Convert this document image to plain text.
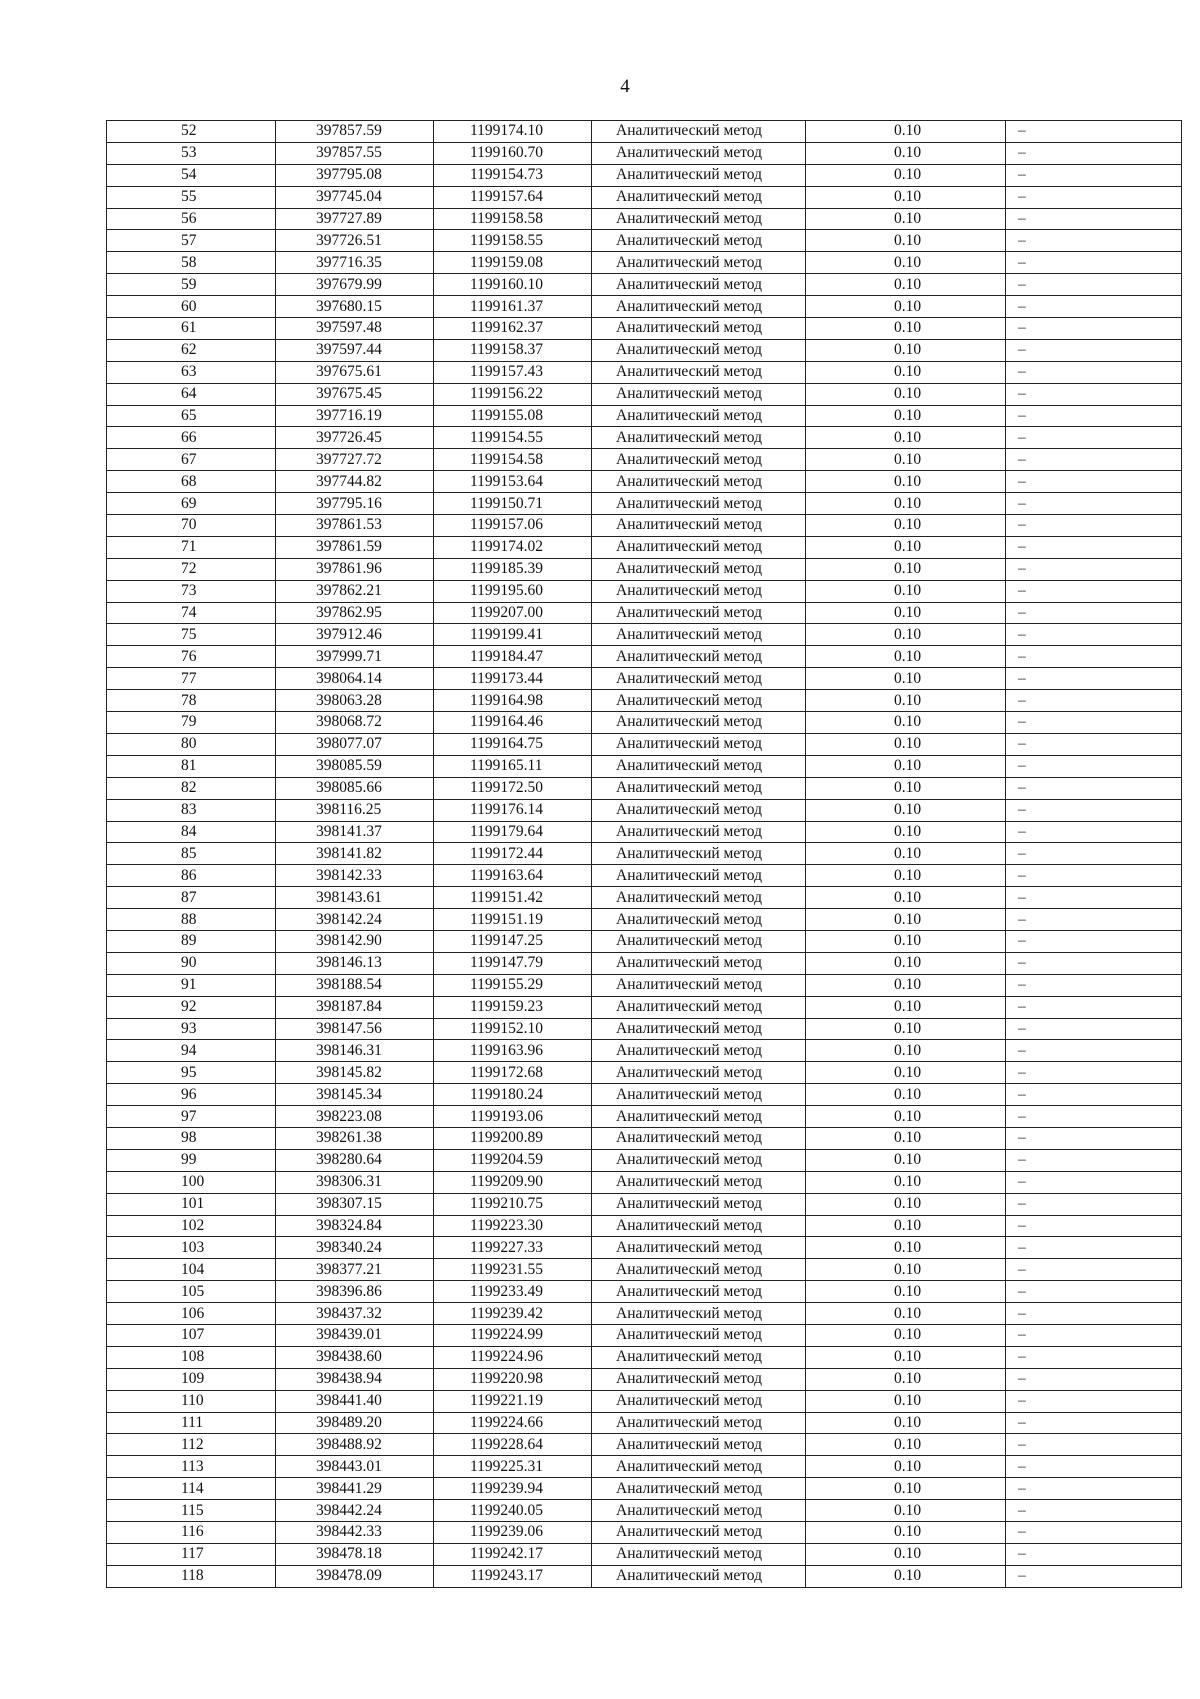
4
52	397857.59	1199174.10	Аналитический метод	0.10	–
53	397857.55	1199160.70	Аналитический метод	0.10	–
54	397795.08	1199154.73	Аналитический метод	0.10	–
55	397745.04	1199157.64	Аналитический метод	0.10	–
56	397727.89	1199158.58	Аналитический метод	0.10	–
57	397726.51	1199158.55	Аналитический метод	0.10	–
58	397716.35	1199159.08	Аналитический метод	0.10	–
59	397679.99	1199160.10	Аналитический метод	0.10	–
60	397680.15	1199161.37	Аналитический метод	0.10	–
61	397597.48	1199162.37	Аналитический метод	0.10	–
62	397597.44	1199158.37	Аналитический метод	0.10	–
63	397675.61	1199157.43	Аналитический метод	0.10	–
64	397675.45	1199156.22	Аналитический метод	0.10	–
65	397716.19	1199155.08	Аналитический метод	0.10	–
66	397726.45	1199154.55	Аналитический метод	0.10	–
67	397727.72	1199154.58	Аналитический метод	0.10	–
68	397744.82	1199153.64	Аналитический метод	0.10	–
69	397795.16	1199150.71	Аналитический метод	0.10	–
70	397861.53	1199157.06	Аналитический метод	0.10	–
71	397861.59	1199174.02	Аналитический метод	0.10	–
72	397861.96	1199185.39	Аналитический метод	0.10	–
73	397862.21	1199195.60	Аналитический метод	0.10	–
74	397862.95	1199207.00	Аналитический метод	0.10	–
75	397912.46	1199199.41	Аналитический метод	0.10	–
76	397999.71	1199184.47	Аналитический метод	0.10	–
77	398064.14	1199173.44	Аналитический метод	0.10	–
78	398063.28	1199164.98	Аналитический метод	0.10	–
79	398068.72	1199164.46	Аналитический метод	0.10	–
80	398077.07	1199164.75	Аналитический метод	0.10	–
81	398085.59	1199165.11	Аналитический метод	0.10	–
82	398085.66	1199172.50	Аналитический метод	0.10	–
83	398116.25	1199176.14	Аналитический метод	0.10	–
84	398141.37	1199179.64	Аналитический метод	0.10	–
85	398141.82	1199172.44	Аналитический метод	0.10	–
86	398142.33	1199163.64	Аналитический метод	0.10	–
87	398143.61	1199151.42	Аналитический метод	0.10	–
88	398142.24	1199151.19	Аналитический метод	0.10	–
89	398142.90	1199147.25	Аналитический метод	0.10	–
90	398146.13	1199147.79	Аналитический метод	0.10	–
91	398188.54	1199155.29	Аналитический метод	0.10	–
92	398187.84	1199159.23	Аналитический метод	0.10	–
93	398147.56	1199152.10	Аналитический метод	0.10	–
94	398146.31	1199163.96	Аналитический метод	0.10	–
95	398145.82	1199172.68	Аналитический метод	0.10	–
96	398145.34	1199180.24	Аналитический метод	0.10	–
97	398223.08	1199193.06	Аналитический метод	0.10	–
98	398261.38	1199200.89	Аналитический метод	0.10	–
99	398280.64	1199204.59	Аналитический метод	0.10	–
100	398306.31	1199209.90	Аналитический метод	0.10	–
101	398307.15	1199210.75	Аналитический метод	0.10	–
102	398324.84	1199223.30	Аналитический метод	0.10	–
103	398340.24	1199227.33	Аналитический метод	0.10	–
104	398377.21	1199231.55	Аналитический метод	0.10	–
105	398396.86	1199233.49	Аналитический метод	0.10	–
106	398437.32	1199239.42	Аналитический метод	0.10	–
107	398439.01	1199224.99	Аналитический метод	0.10	–
108	398438.60	1199224.96	Аналитический метод	0.10	–
109	398438.94	1199220.98	Аналитический метод	0.10	–
110	398441.40	1199221.19	Аналитический метод	0.10	–
111	398489.20	1199224.66	Аналитический метод	0.10	–
112	398488.92	1199228.64	Аналитический метод	0.10	–
113	398443.01	1199225.31	Аналитический метод	0.10	–
114	398441.29	1199239.94	Аналитический метод	0.10	–
115	398442.24	1199240.05	Аналитический метод	0.10	–
116	398442.33	1199239.06	Аналитический метод	0.10	–
117	398478.18	1199242.17	Аналитический метод	0.10	–
118	398478.09	1199243.17	Аналитический метод	0.10	–
